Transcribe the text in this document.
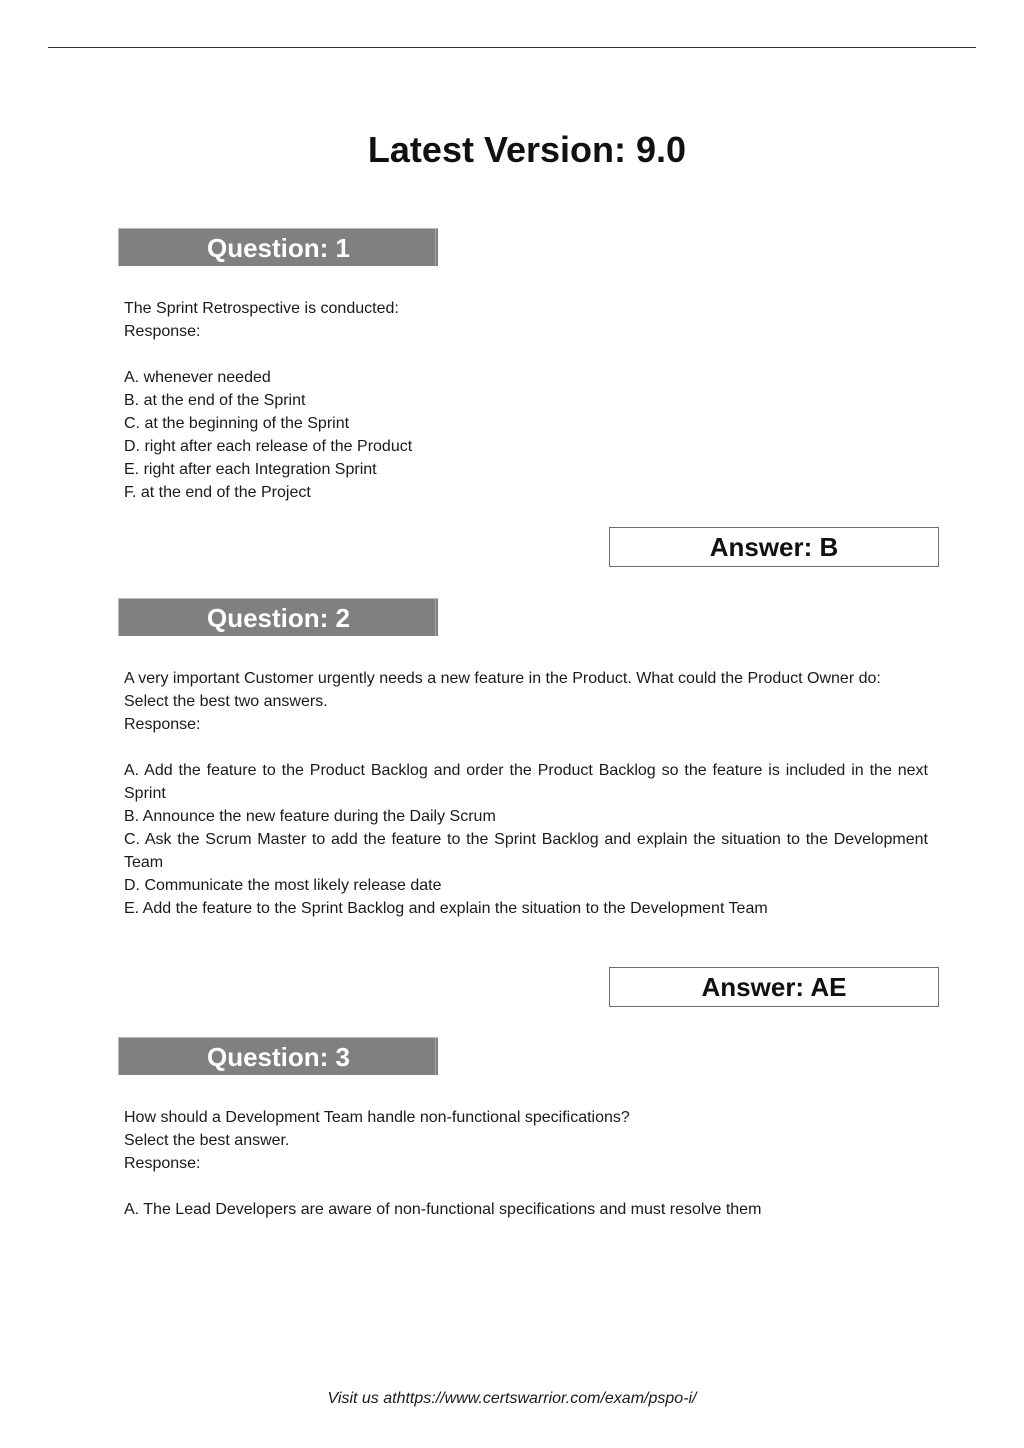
Latest Version: 9.0
Question: 1

The Sprint Retrospective is conducted:

Response:

A. whenever needed

B. at the end of the Sprint

C. at the beginning of the Sprint

D. right after each release of the Product

E. right after each Integration Sprint

F. at the end of the Project

Answer: B
Question: 2

A very important Customer urgently needs a new feature in the Product. What could the Product Owner do:

Select the best two answers.

Response:

A. Add the feature to the Product Backlog and order the Product Backlog so the feature is included in the next Sprint

B. Announce the new feature during the Daily Scrum

C. Ask the Scrum Master to add the feature to the Sprint Backlog and explain the situation to the Development Team

D. Communicate the most likely release date

E. Add the feature to the Sprint Backlog and explain the situation to the Development Team

Answer: AE
Question: 3

How should a Development Team handle non-functional specifications?

Select the best answer.

Response:

A. The Lead Developers are aware of non-functional specifications and must resolve them

Visit us athttps://www.certswarrior.com/exam/pspo-i/
